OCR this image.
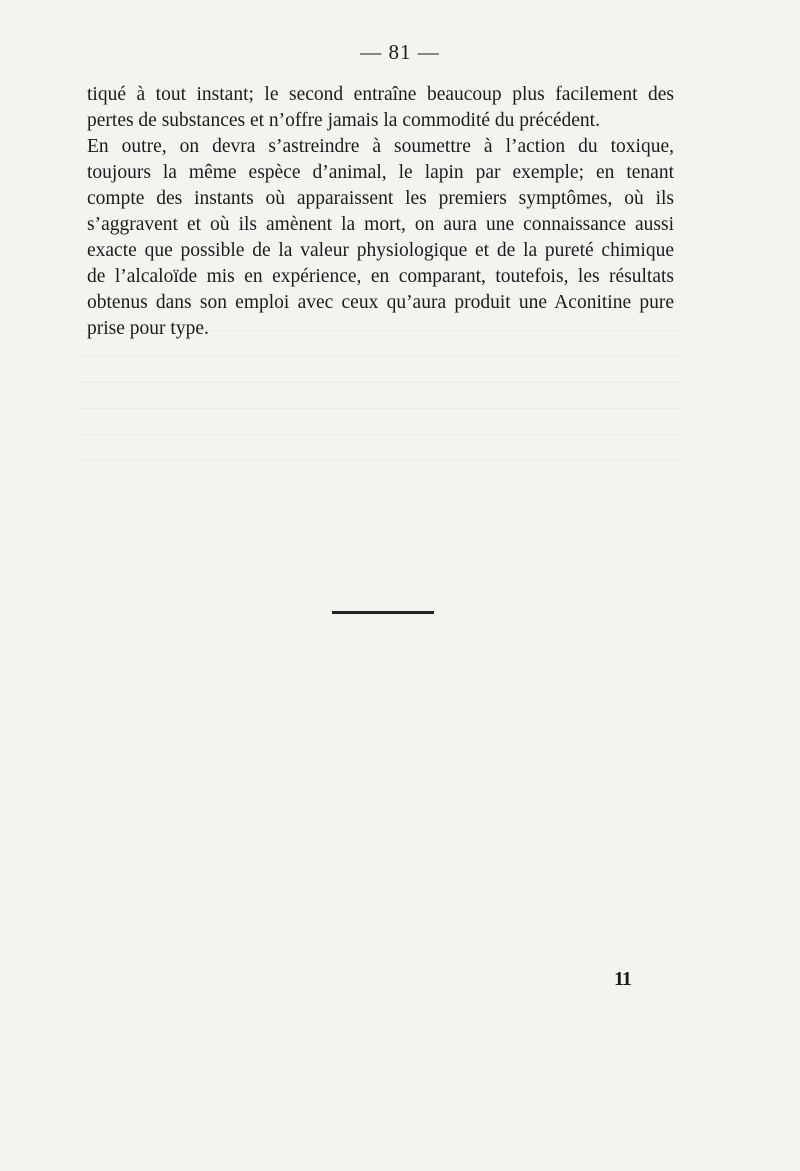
— 81 —
tiqué à tout instant; le second entraîne beaucoup plus facilement des
pertes de substances et n’offre jamais la commodité du précédent.
En outre, on devra s’astreindre à soumettre à l’action du toxique,
toujours la même espèce d’animal, le lapin par exemple; en tenant
compte des instants où apparaissent les premiers symptômes, où ils
s’aggravent et où ils amènent la mort, on aura une connaissance aussi
exacte que possible de la valeur physiologique et de la pureté chimique
de l’alcaloïde mis en expérience, en comparant, toutefois, les résultats
obtenus dans son emploi avec ceux qu’aura produit une Aconitine pure
prise pour type.
11
